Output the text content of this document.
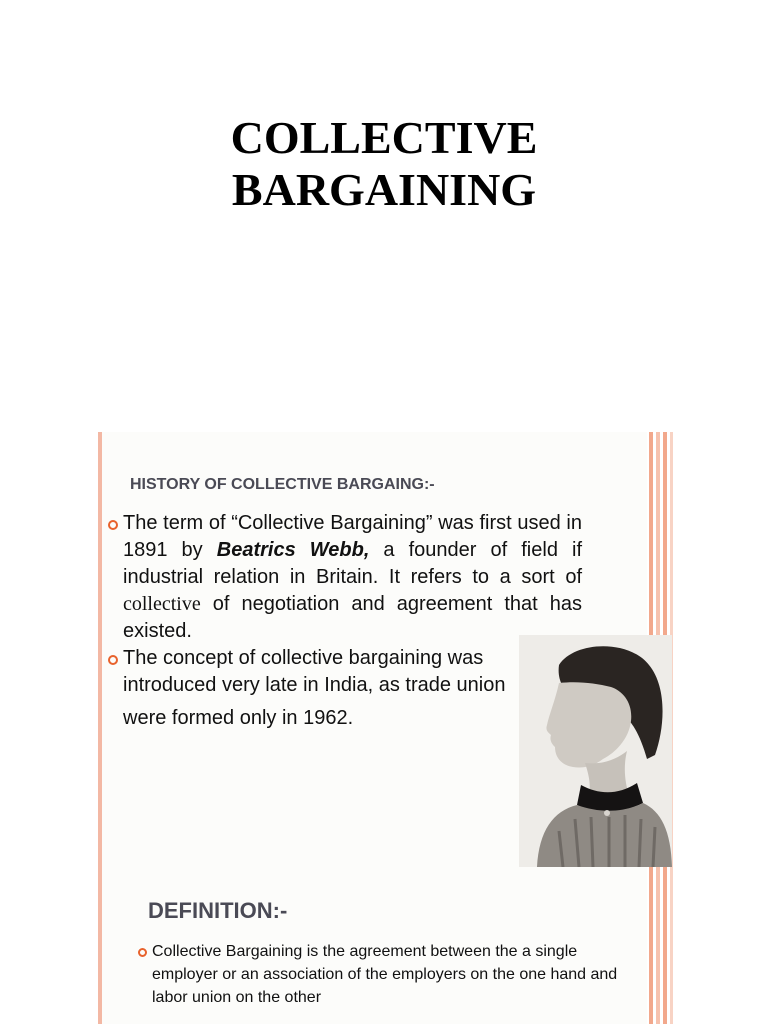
COLLECTIVE
BARGAINING
HISTORY OF COLLECTIVE BARGAING:-
The term of “Collective Bargaining” was first used in 1891 by Beatrics Webb, a founder of field if industrial relation in Britain. It refers to a sort of collective of negotiation and agreement that has existed.
The concept of collective bargaining was introduced very late in India, as trade union
were formed only in 1962.
DEFINITION:-
Collective Bargaining is the agreement between the a single employer or an association of the employers on the one hand and labor union on the other
